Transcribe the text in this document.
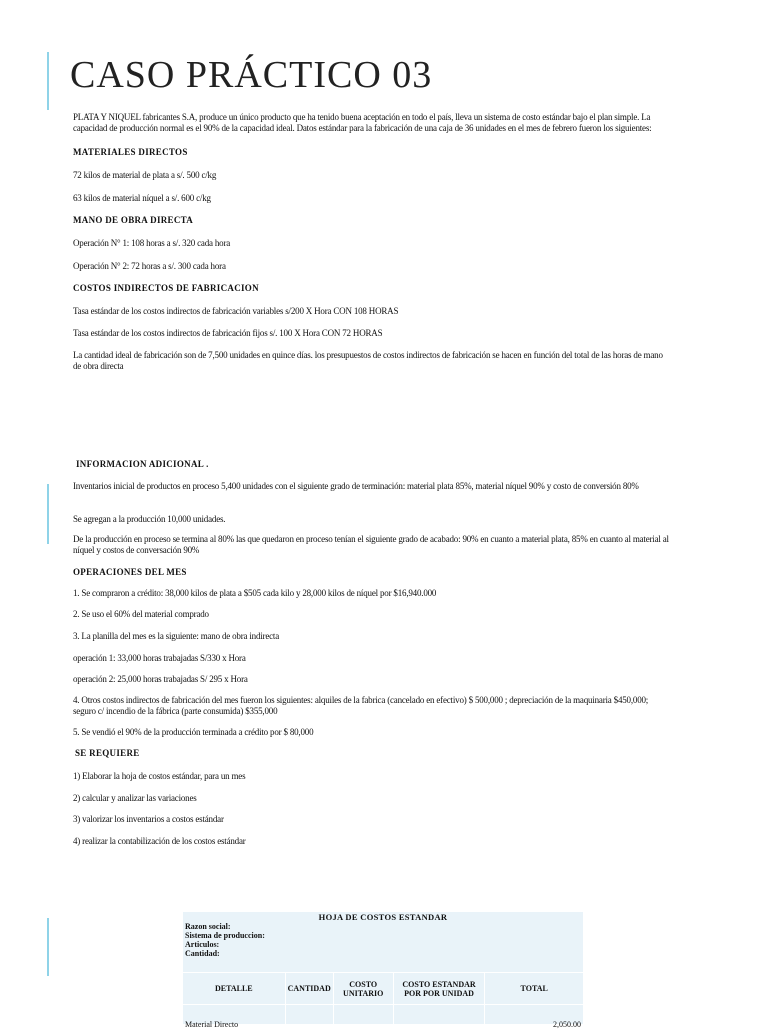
CASO PRÁCTICO 03

PLATA Y NIQUEL fabricantes S.A, produce un único producto que ha tenido buena aceptación en todo el país, lleva un sistema de costo estándar bajo el plan simple. La capacidad de producción normal es el 90% de la capacidad ideal. Datos estándar para la fabricación de una caja de 36 unidades en el mes de febrero fueron los siguientes:

MATERIALES DIRECTOS

72 kilos de material de plata a s/. 500 c/kg

63 kilos de material níquel a s/. 600 c/kg

MANO DE OBRA DIRECTA

Operación N° 1: 108 horas a s/. 320 cada hora

Operación N° 2: 72 horas a s/. 300 cada hora

COSTOS INDIRECTOS DE FABRICACION

Tasa estándar de los costos indirectos de fabricación variables s/200 X Hora CON 108 HORAS

Tasa estándar de los costos indirectos de fabricación fijos s/. 100 X Hora CON 72 HORAS

La cantidad ideal de fabricación son de 7,500 unidades en quince días. los presupuestos de costos indirectos de fabricación se hacen en función del total de las horas de mano de obra directa

INFORMACION ADICIONAL .

Inventarios inicial de productos en proceso 5,400 unidades con el siguiente grado de terminación: material plata 85%, material níquel 90% y costo de conversión 80%

Se agregan a la producción 10,000 unidades.

De la producción en proceso se termina al 80% las que quedaron en proceso tenían el siguiente grado de acabado: 90% en cuanto a material plata, 85% en cuanto al material al níquel y costos de conversación 90%

OPERACIONES DEL MES

1. Se compraron a crédito: 38,000 kilos de plata a $505 cada kilo y 28,000 kilos de níquel por $16,940.000

2. Se uso el 60% del material comprado

3. La planilla del mes es la siguiente: mano de obra indirecta

operación 1: 33,000 horas trabajadas S/330 x Hora

operación 2: 25,000 horas trabajadas S/ 295 x Hora

4. Otros costos indirectos de fabricación del mes fueron los siguientes: alquiles de la fabrica (cancelado en efectivo) $ 500,000 ; depreciación de la maquinaria $450,000; seguro c/ incendio de la fábrica (parte consumida) $355,000

5. Se vendió el 90% de la producción terminada a crédito por $ 80,000

SE REQUIERE

1) Elaborar la hoja de costos estándar, para un mes

2) calcular y analizar las variaciones

3) valorizar los inventarios a costos estándar

4) realizar la contabilización de los costos estándar

HOJA DE COSTOS ESTANDAR
Razon social:
Sistema de produccion:
Articulos:
Cantidad:				

DETALLE	CANTIDAD	COSTO UNITARIO	COSTO ESTANDAR POR POR UNIDAD	TOTAL
Material Directo				2,050.00
